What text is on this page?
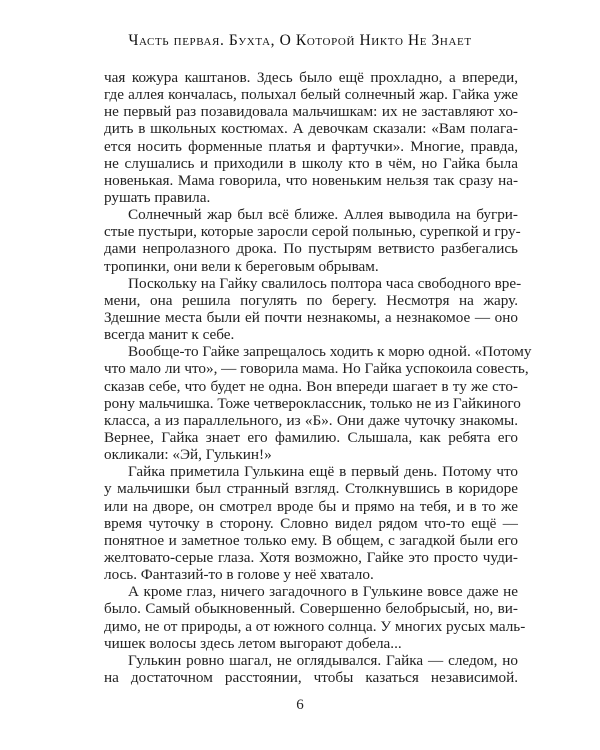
Часть первая. Бухта, О Которой Никто Не Знает
чая кожура каштанов. Здесь было ещё прохладно, а впереди,
где аллея кончалась, полыхал белый солнечный жар. Гайка уже
не первый раз позавидовала мальчишкам: их не заставляют хо-
дить в школьных костюмах. А девочкам сказали: «Вам полага-
ется носить форменные платья и фартучки». Многие, правда,
не слушались и приходили в школу кто в чём, но Гайка была
новенькая. Мама говорила, что новеньким нельзя так сразу на-
рушать правила.
Солнечный жар был всё ближе. Аллея выводила на бугри-
стые пустыри, которые заросли серой полынью, сурепкой и гру-
дами непролазного дрока. По пустырям ветвисто разбегались
тропинки, они вели к береговым обрывам.
Поскольку на Гайку свалилось полтора часа свободного вре-
мени, она решила погулять по берегу. Несмотря на жару.
Здешние места были ей почти незнакомы, а незнакомое — оно
всегда манит к себе.
Вообще-то Гайке запрещалось ходить к морю одной. «Потому
что мало ли что», — говорила мама. Но Гайка успокоила совесть,
сказав себе, что будет не одна. Вон впереди шагает в ту же сто-
рону мальчишка. Тоже четвероклассник, только не из Гайкиного
класса, а из параллельного, из «Б». Они даже чуточку знакомы.
Вернее, Гайка знает его фамилию. Слышала, как ребята его
окликали: «Эй, Гулькин!»
Гайка приметила Гулькина ещё в первый день. Потому что
у мальчишки был странный взгляд. Столкнувшись в коридоре
или на дворе, он смотрел вроде бы и прямо на тебя, и в то же
время чуточку в сторону. Словно видел рядом что-то ещё —
понятное и заметное только ему. В общем, с загадкой были его
желтовато-серые глаза. Хотя возможно, Гайке это просто чуди-
лось. Фантазий-то в голове у неё хватало.
А кроме глаз, ничего загадочного в Гулькине вовсе даже не
было. Самый обыкновенный. Совершенно белобрысый, но, ви-
димо, не от природы, а от южного солнца. У многих русых маль-
чишек волосы здесь летом выгорают добела...
Гулькин ровно шагал, не оглядывался. Гайка — следом, но
на достаточном расстоянии, чтобы казаться независимой.
6
